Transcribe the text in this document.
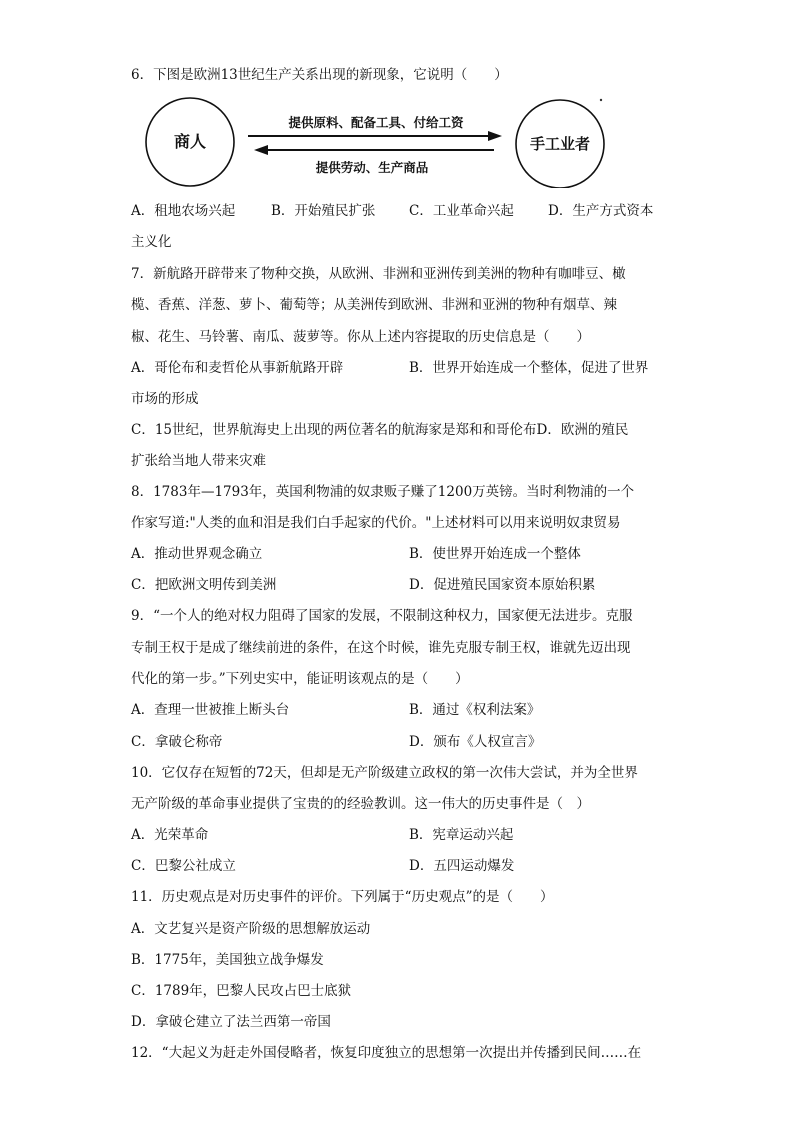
6．下图是欧洲13世纪生产关系出现的新现象，它说明（　　）
商人	手工业者
提供原料、配备工具、付给工资
提供劳动、生产商品
A．租地农场兴起	B．开始殖民扩张 C．工业革命兴起	D．生产方式资本
主义化
7．新航路开辟带来了物种交换，从欧洲、非洲和亚洲传到美洲的物种有咖啡豆、橄
榄、香蕉、洋葱、萝卜、葡萄等；从美洲传到欧洲、非洲和亚洲的物种有烟草、辣
椒、花生、马铃薯、南瓜、菠萝等。你从上述内容提取的历史信息是（　　）
A．哥伦布和麦哲伦从事新航路开辟	B．世界开始连成一个整体，促进了世界
市场的形成
C．15世纪，世界航海史上出现的两位著名的航海家是郑和和哥伦布D．欧洲的殖民
扩张给当地人带来灾难
8．1783年—1793年，英国利物浦的奴隶贩子赚了1200万英镑。当时利物浦的一个
作家写道:"人类的血和泪是我们白手起家的代价。"上述材料可以用来说明奴隶贸易
A．推动世界观念确立	B．使世界开始连成一个整体
C．把欧洲文明传到美洲	D．促进殖民国家资本原始积累
9．“一个人的绝对权力阻碍了国家的发展，不限制这种权力，国家便无法进步。克服
专制王权于是成了继续前进的条件，在这个时候，谁先克服专制王权，谁就先迈出现
代化的第一步。”下列史实中，能证明该观点的是（　　）
A．查理一世被推上断头台	B．通过《权利法案》
C．拿破仑称帝	D．颁布《人权宣言》
10．它仅存在短暂的72天，但却是无产阶级建立政权的第一次伟大尝试，并为全世界
无产阶级的革命事业提供了宝贵的的经验教训。这一伟大的历史事件是（　）
A．光荣革命	B．宪章运动兴起
C．巴黎公社成立	D．五四运动爆发
11．历史观点是对历史事件的评价。下列属于“历史观点”的是（　　）
A．文艺复兴是资产阶级的思想解放运动
B．1775年，美国独立战争爆发
C．1789年，巴黎人民攻占巴士底狱
D．拿破仑建立了法兰西第一帝国
12．“大起义为赶走外国侵略者，恢复印度独立的思想第一次提出并传播到民间……在
